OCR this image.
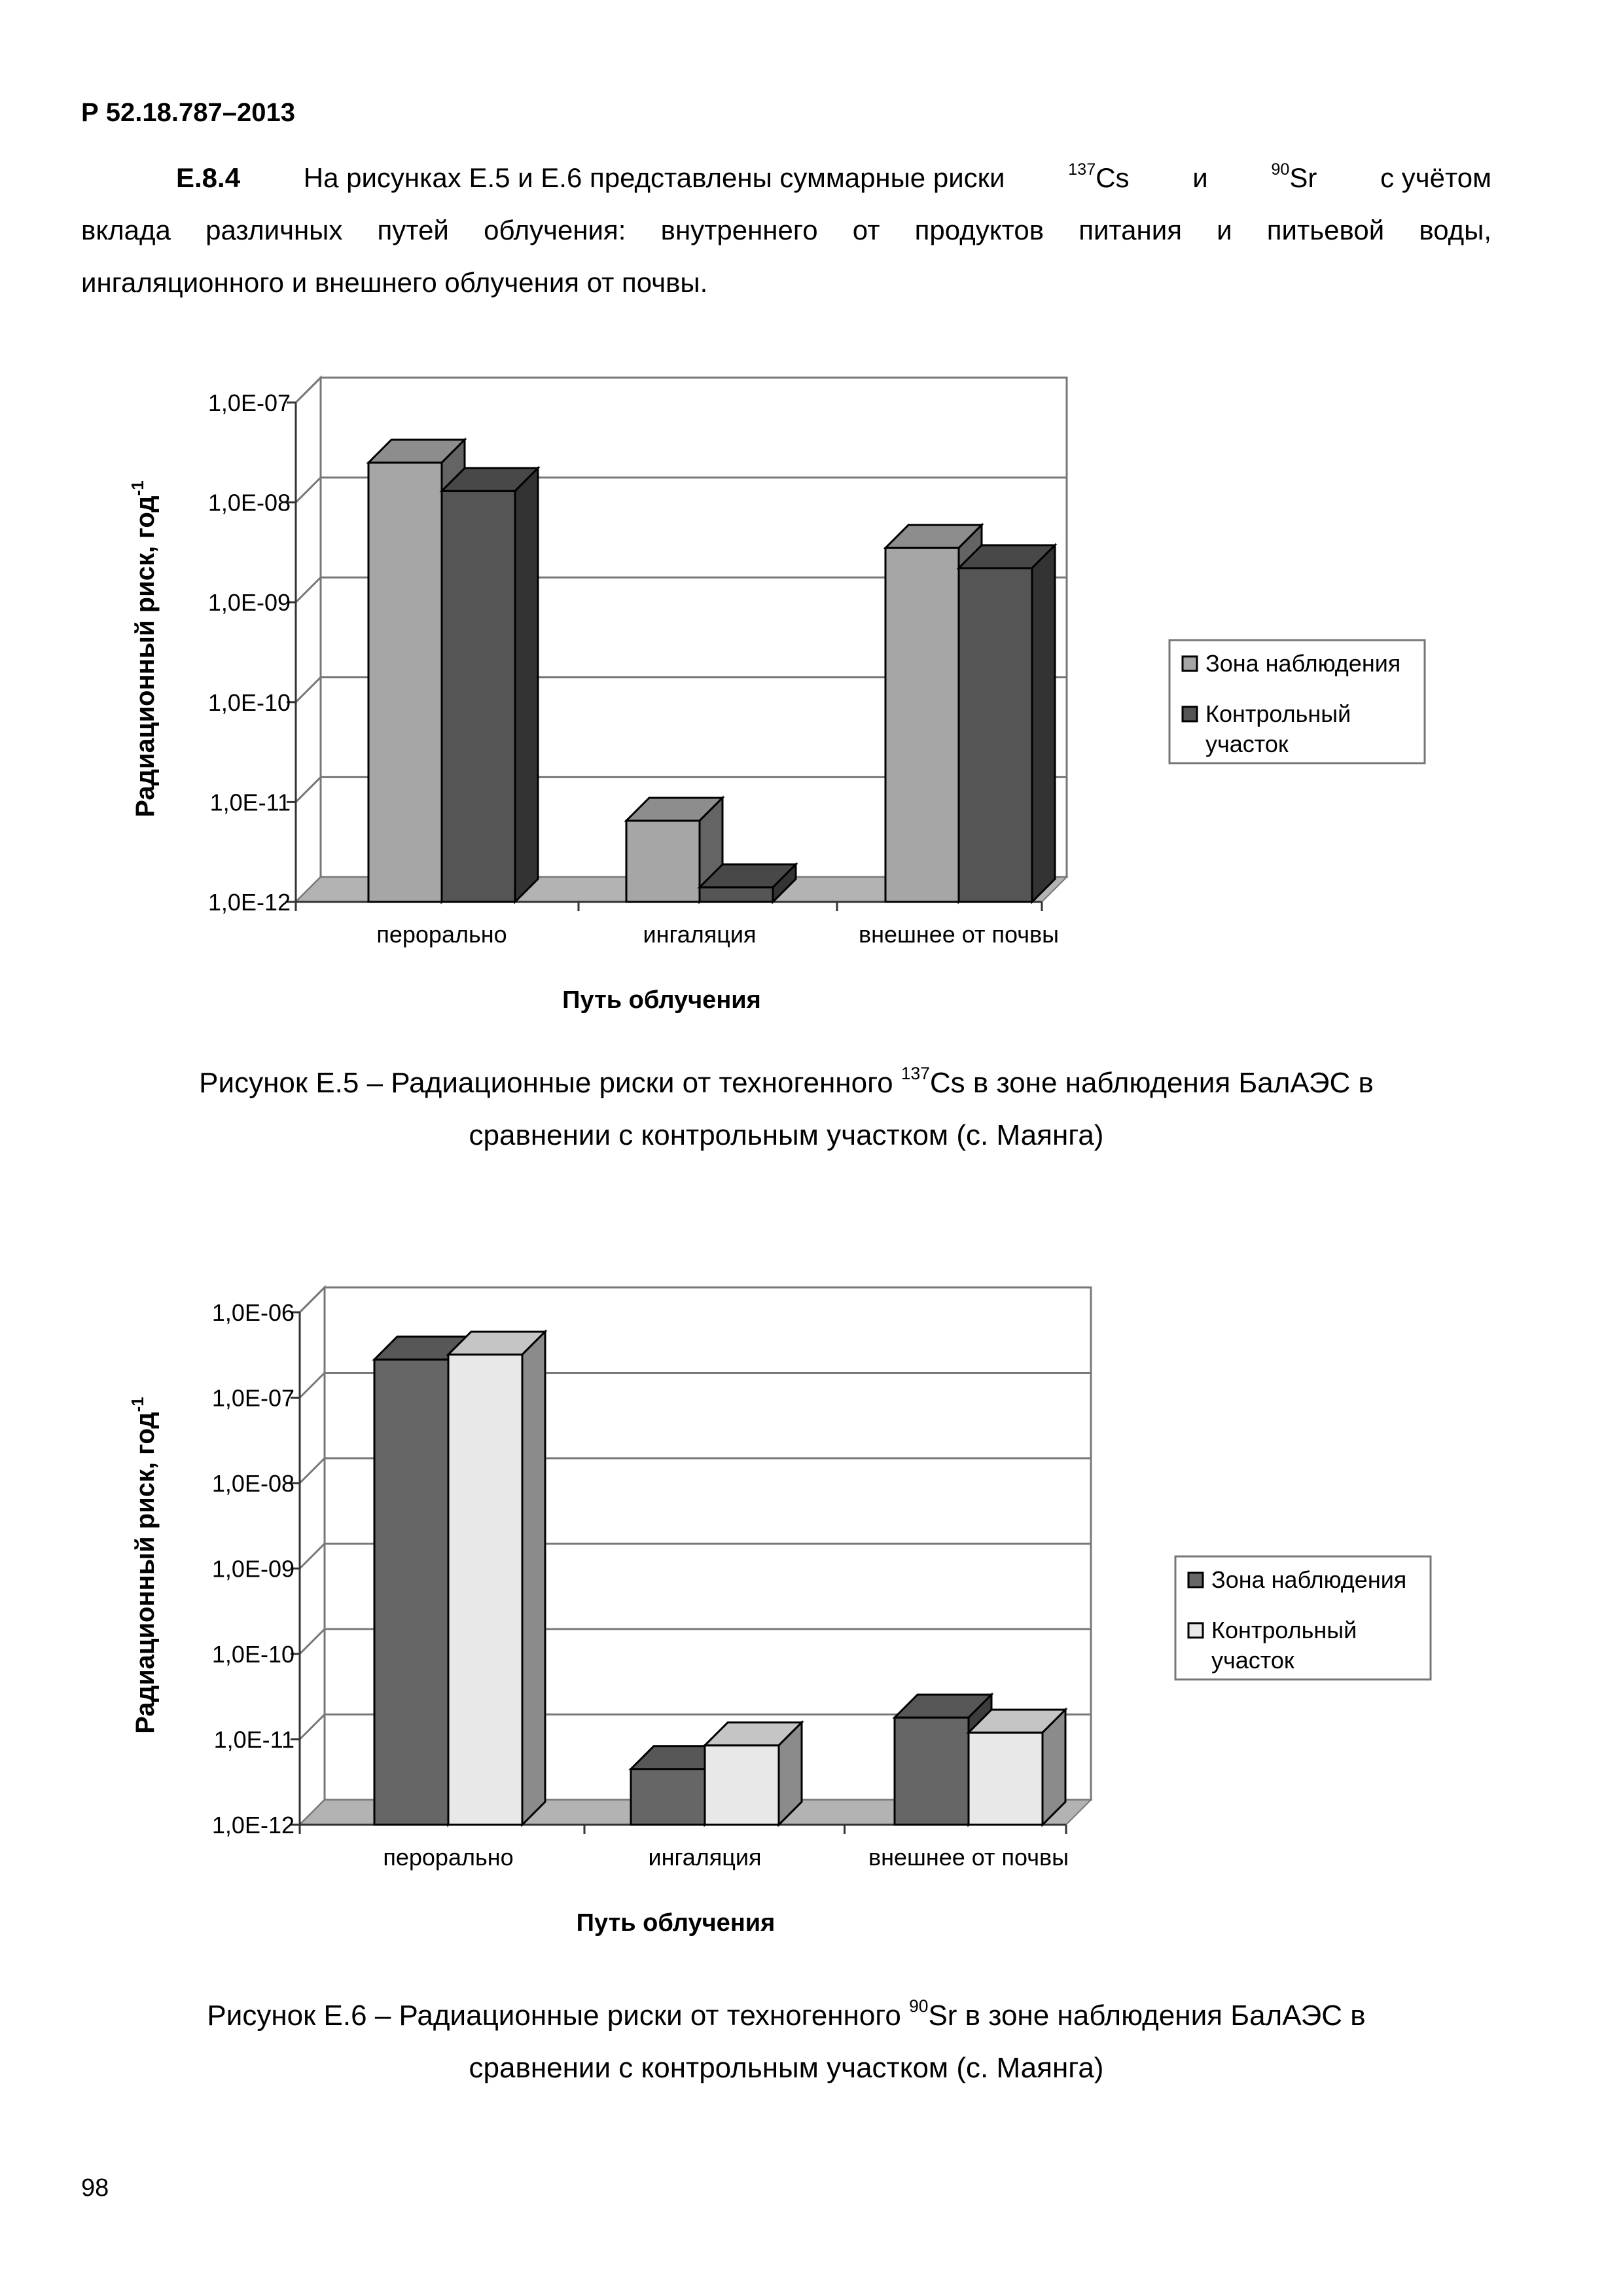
Р 52.18.787–2013
Е.8.4 На рисунках Е.5 и Е.6 представлены суммарные риски	$^{137}$Cs и	$^{90}$Sr с учётом
вклада различных путей облучения: внутреннего от продуктов питания и питьевой воды,
ингаляционного и внешнего облучения от почвы.
1,0E-07
1,0E-08
1,0E-09
1,0E-10
1,0E-11
1,0E-12
перорально	ингаляция	внешнее от почвы
Путь облучения
Радиационный риск, год$^{-1}$
Зона наблюдения
Контрольный участок
Рисунок Е.5 – Радиационные риски от техногенного $^{137}$Cs в зоне наблюдения БалАЭС в
сравнении с контрольным участком (с. Маянга)
1,0E-06
1,0E-07
1,0E-08
1,0E-09
1,0E-10
1,0E-11
1,0E-12
перорально	ингаляция	внешнее от почвы
Путь облучения
Радиационный риск, год$^{-1}$
Зона наблюдения
Контрольный участок
Рисунок Е.6 – Радиационные риски от техногенного $^{90}$Sr в зоне наблюдения БалАЭС в
сравнении с контрольным участком (с. Маянга)
98
